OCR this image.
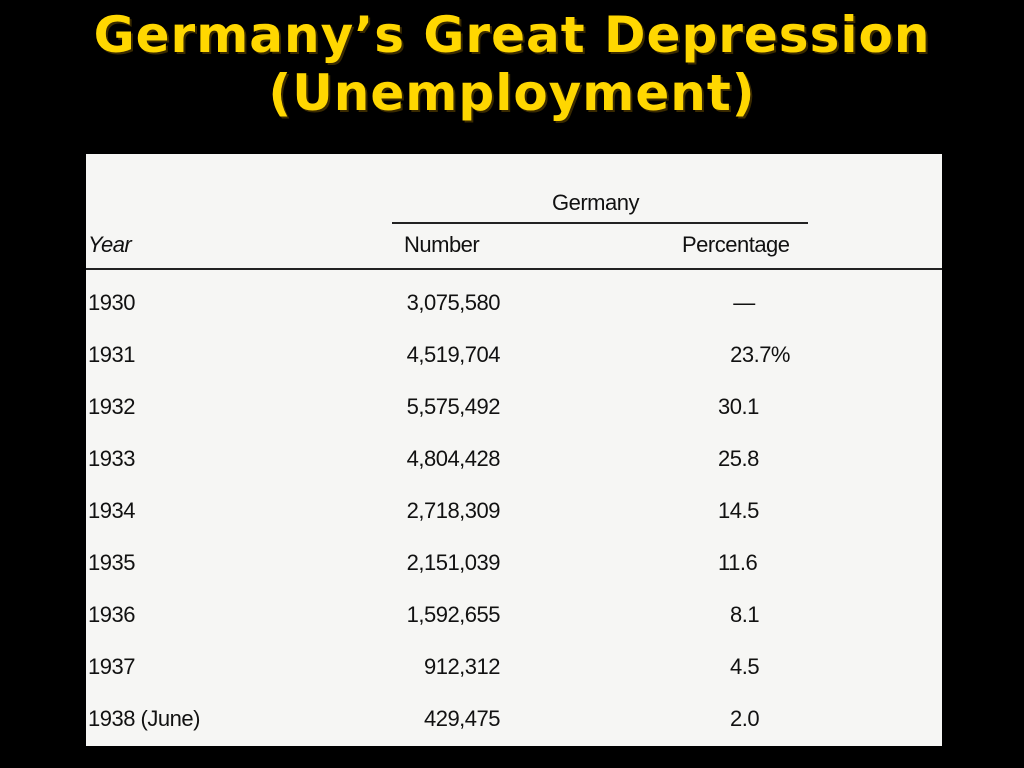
Germany’s Great Depression
(Unemployment)
Germany
Year	Number	Percentage
1930	3,075,580	—
1931	4,519,704	23.7%
1932	5,575,492	30.1
1933	4,804,428	25.8
1934	2,718,309	14.5
1935	2,151,039	11.6
1936	1,592,655	8.1
1937	912,312	4.5
1938 (June)	429,475	2.0
